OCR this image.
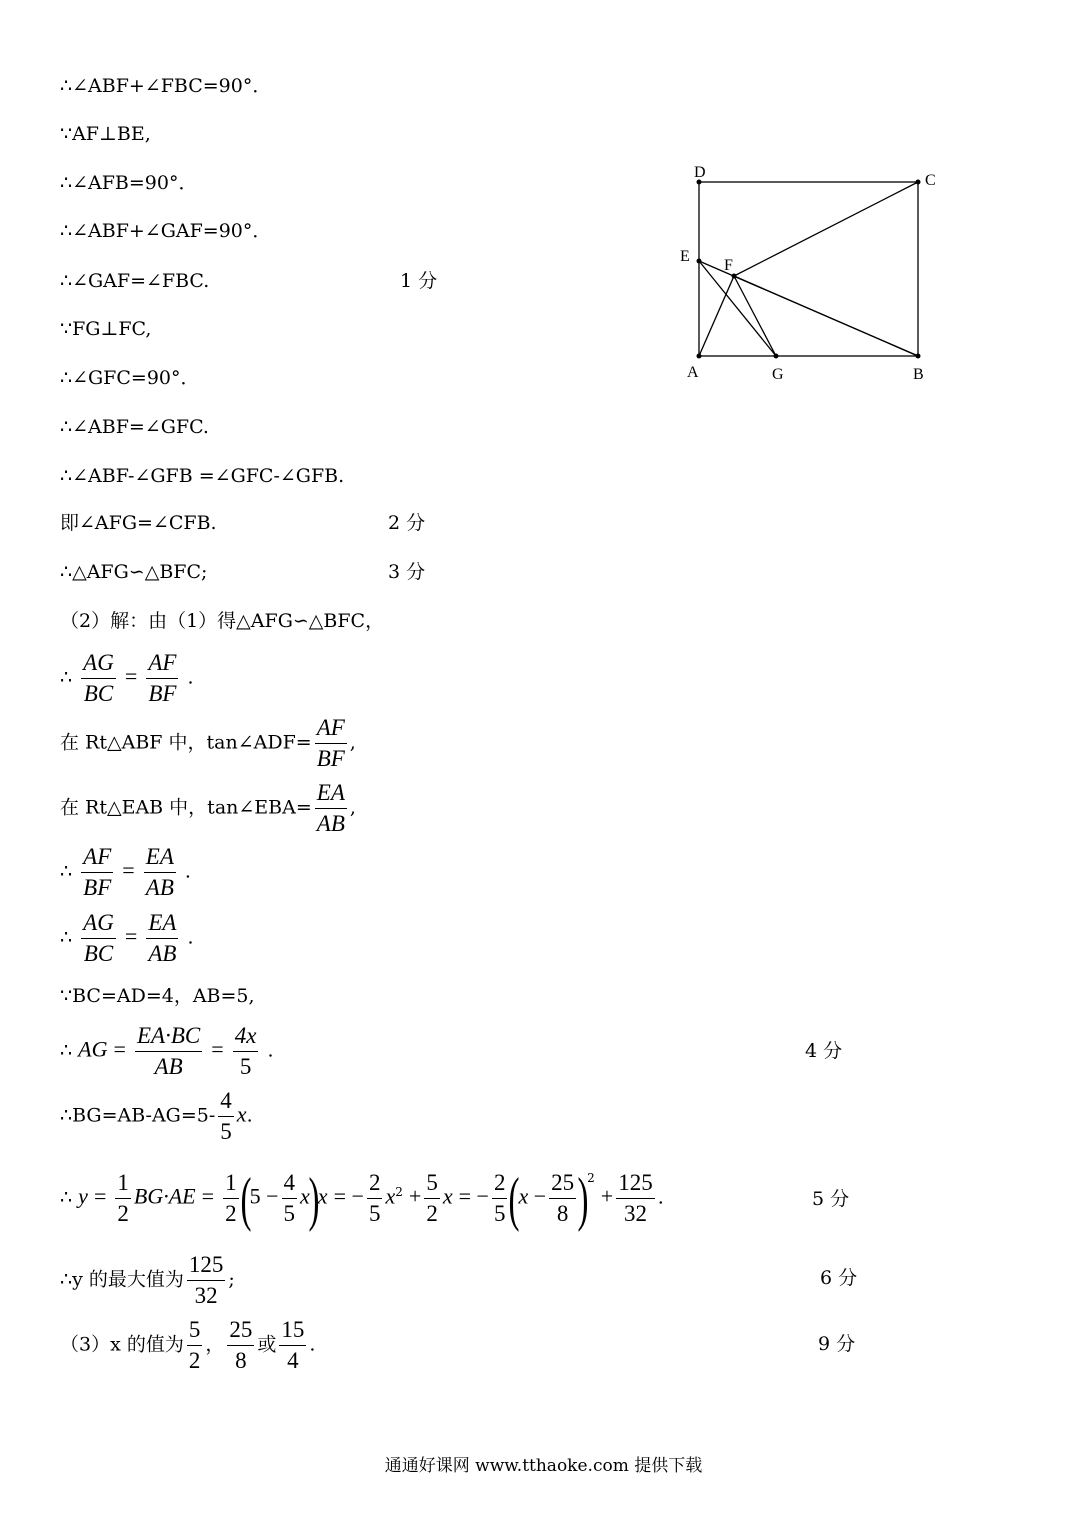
∴∠ABF+∠FBC=90°．
∵AF⊥BE,
∴∠AFB=90°．
∴∠ABF+∠GAF=90°．
∴∠GAF=∠FBC.	1 分
∵FG⊥FC,
∴∠GFC=90°．
∴∠ABF=∠GFC.
∴∠ABF-∠GFB =∠GFC-∠GFB.
即∠AFG=∠CFB.	2 分
∴△AFG∽△BFC;	3 分
（2）解：由（1）得△AFG∽△BFC，
∴ $\frac{AG}{BC} = \frac{AF}{BF}$ .
在 Rt△ABF 中，tan∠ADF= $\frac{AF}{BF}$ ,
在 Rt△EAB 中，tan∠EBA= $\frac{EA}{AB}$ ,
∴ $\frac{AF}{BF} = \frac{EA}{AB}$ .
∴ $\frac{AG}{BC} = \frac{EA}{AB}$ .
∵BC=AD=4，AB=5,
∴ AG = $\frac{EA\cdot BC}{AB} = \frac{4x}{5}$ .	4 分
∴BG=AB-AG=5- $\frac{4}{5} x$.
∴ $y = \frac{1}{2} BG\cdot AE = \frac{1}{2} (5 - \frac{4}{5} x)x$ = − $\frac{2}{5} x^2 + \frac{5}{2}$ x = − $\frac{2}{5} (x - \frac{25}{8} )^2 + \frac{125}{32}$ .	5 分
∴y 的最大值为 $\frac{125}{32}$ ;	6 分
（3）x 的值为 $\frac{5}{2}$ ， $\frac{25}{8}$ 或 $\frac{15}{4}$ .	9 分
D	C
E
F
A	G	B
通通好课网 www.tthaoke.com 提供下载
